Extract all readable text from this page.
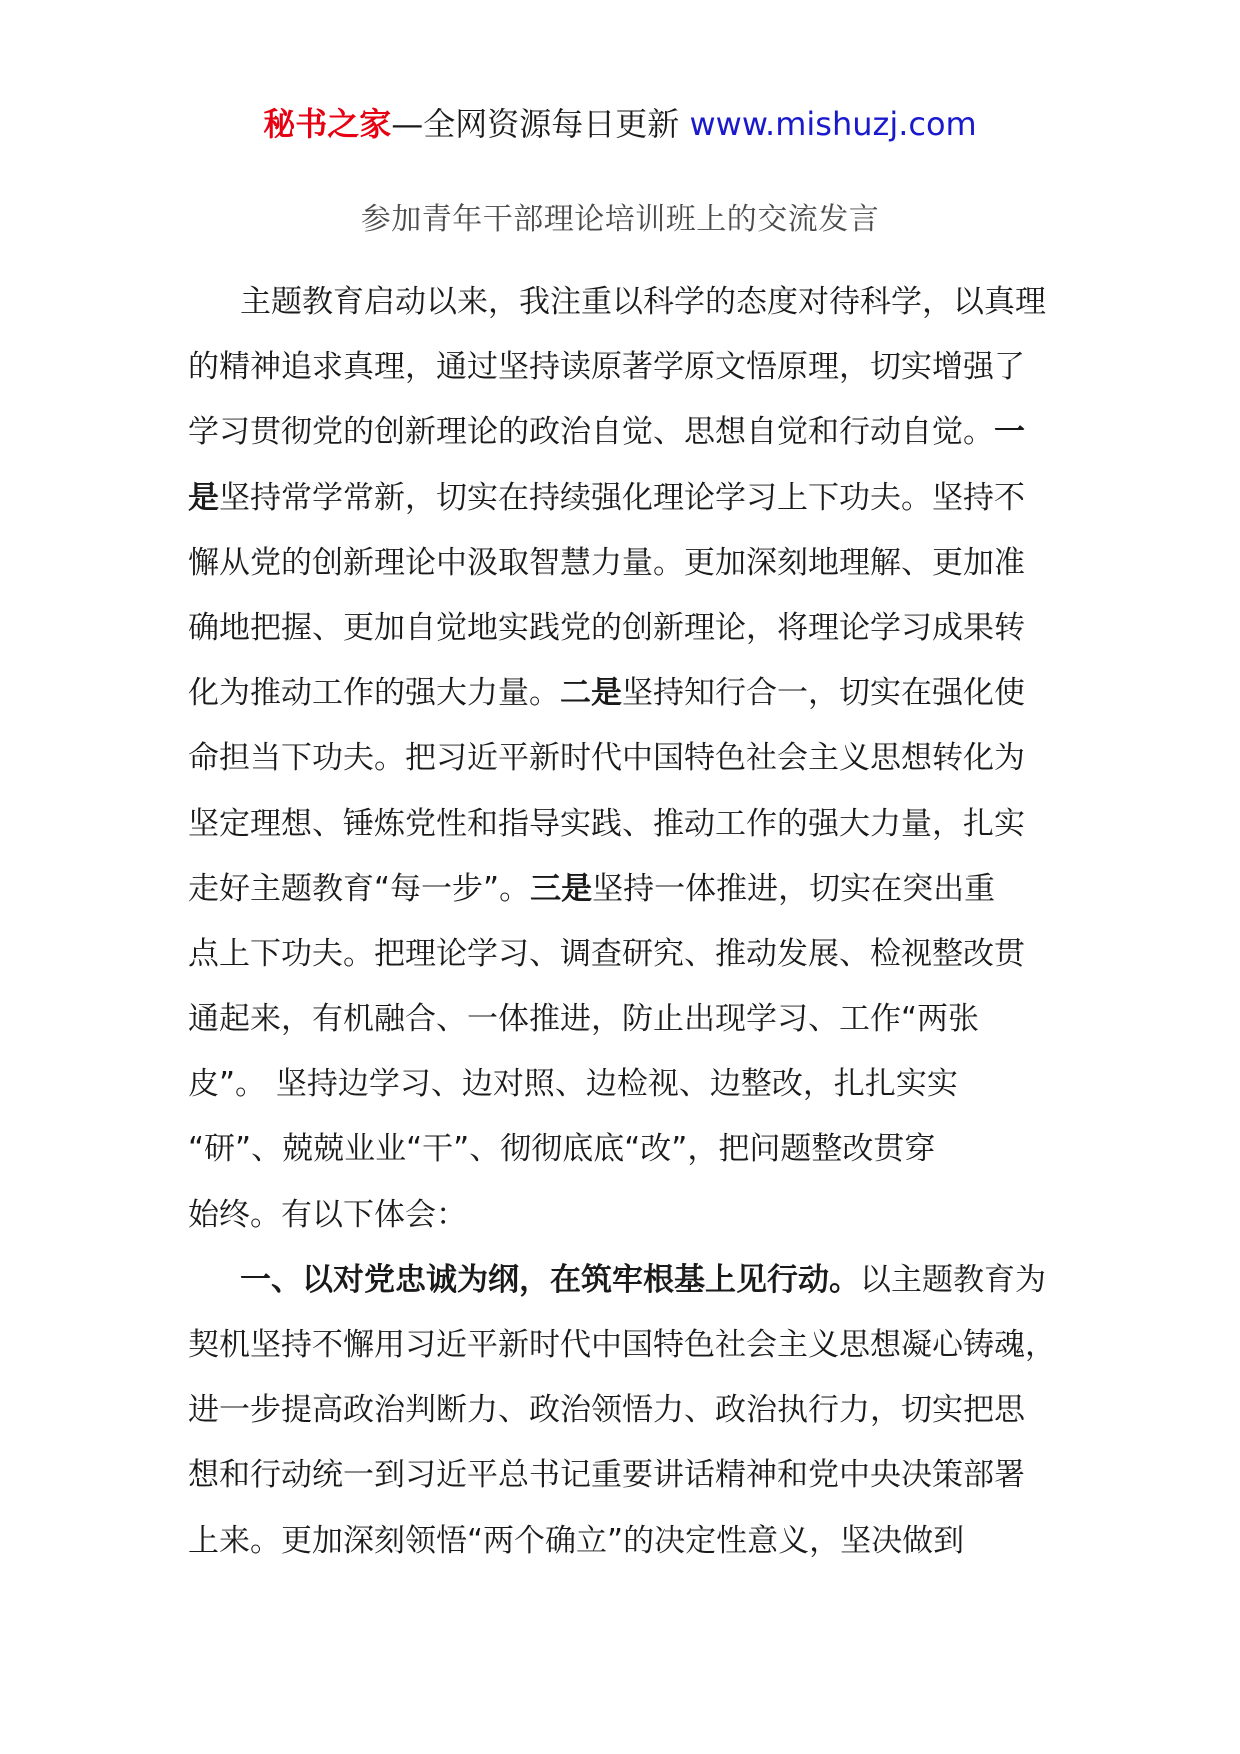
秘书之家—全网资源每日更新 www.mishuzj.com
参加青年干部理论培训班上的交流发言
主题教育启动以来，我注重以科学的态度对待科学，以真理
的精神追求真理，通过坚持读原著学原文悟原理，切实增强了
学习贯彻党的创新理论的政治自觉、思想自觉和行动自觉。一
是坚持常学常新，切实在持续强化理论学习上下功夫。坚持不
懈从党的创新理论中汲取智慧力量。更加深刻地理解、更加准
确地把握、更加自觉地实践党的创新理论，将理论学习成果转
化为推动工作的强大力量。二是坚持知行合一，切实在强化使
命担当下功夫。把习近平新时代中国特色社会主义思想转化为
坚定理想、锤炼党性和指导实践、推动工作的强大力量，扎实
走好主题教育“每一步”。三是坚持一体推进，切实在突出重
点上下功夫。把理论学习、调查研究、推动发展、检视整改贯
通起来，有机融合、一体推进，防止出现学习、工作“两张
皮”。 坚持边学习、边对照、边检视、边整改，扎扎实实
“研”、兢兢业业“干”、彻彻底底“改”，把问题整改贯穿
始终。有以下体会：
一、以对党忠诚为纲，在筑牢根基上见行动。以主题教育为
契机坚持不懈用习近平新时代中国特色社会主义思想凝心铸魂，
进一步提高政治判断力、政治领悟力、政治执行力，切实把思
想和行动统一到习近平总书记重要讲话精神和党中央决策部署
上来。更加深刻领悟“两个确立”的决定性意义，坚决做到
